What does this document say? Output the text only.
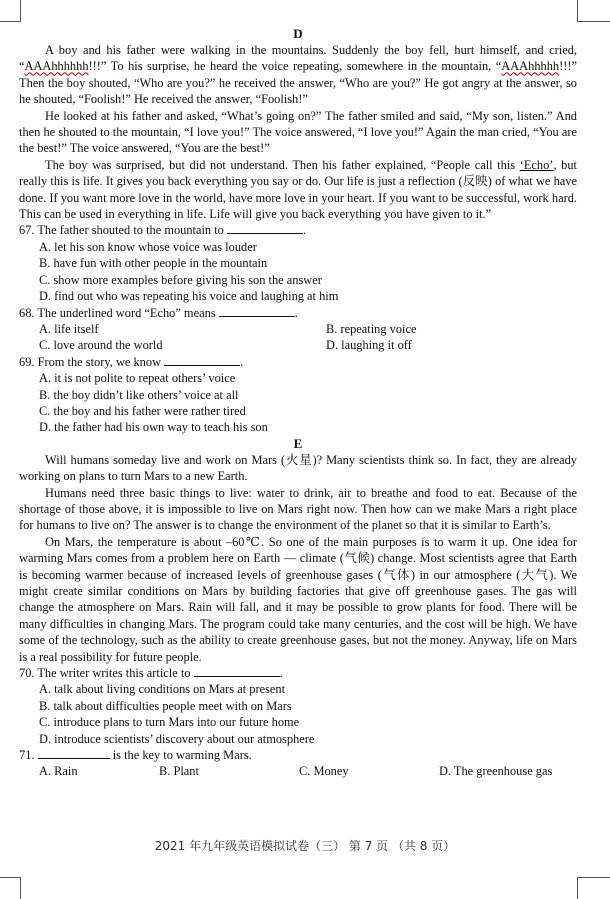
D

A boy and his father were walking in the mountains. Suddenly the boy fell, hurt himself, and cried, “AAAhhhhhh!!!” To his surprise, he heard the voice repeating, somewhere in the mountain, “AAAhhhhh!!!” Then the boy shouted, “Who are you?” he received the answer, “Who are you?” He got angry at the answer, so he shouted, “Foolish!” He received the answer, “Foolish!”

He looked at his father and asked, “What’s going on?” The father smiled and said, “My son, listen.” And then he shouted to the mountain, “I love you!” The voice answered, “I love you!” Again the man cried, “You are the best!” The voice answered, “You are the best!”

The boy was surprised, but did not understand. Then his father explained, “People call this ‘Echo’, but really this is life. It gives you back everything you say or do. Our life is just a reflection (反映) of what we have done. If you want more love in the world, have more love in your heart. If you want to be successful, work hard. This can be used in everything in life. Life will give you back everything you have given to it.”

67. The father shouted to the mountain to	.
A. let his son know whose voice was louder
B. have fun with other people in the mountain
C. show more examples before giving his son the answer
D. find out who was repeating his voice and laughing at him
68. The underlined word “Echo” means	.
A. life itself	B. repeating voice
C. love around the world	D. laughing it off
69. From the story, we know	.
A. it is not polite to repeat others’ voice
B. the boy didn’t like others’ voice at all
C. the boy and his father were rather tired
D. the father had his own way to teach his son
E

Will humans someday live and work on Mars (火星)? Many scientists think so. In fact, they are already working on plans to turn Mars to a new Earth.

Humans need three basic things to live: water to drink, air to breathe and food to eat. Because of the shortage of those above, it is impossible to live on Mars right now. Then how can we make Mars a right place for humans to live on? The answer is to change the environment of the planet so that it is similar to Earth’s.

On Mars, the temperature is about –60℃. So one of the main purposes is to warm it up. One idea for warming Mars comes from a problem here on Earth — climate (气候) change. Most scientists agree that Earth is becoming warmer because of increased levels of greenhouse gases (气体) in our atmosphere (大气). We might create similar conditions on Mars by building factories that give off greenhouse gases. The gas will change the atmosphere on Mars. Rain will fall, and it may be possible to grow plants for food. There will be many difficulties in changing Mars. The program could take many centuries, and the cost will be high. We have some of the technology, such as the ability to create greenhouse gases, but not the money. Anyway, life on Mars is a real possibility for future people.

70. The writer writes this article to	.
A. talk about living conditions on Mars at present
B. talk about difficulties people meet with on Mars
C. introduce plans to turn Mars into our future home
D. introduce scientists’ discovery about our atmosphere
71.	is the key to warming Mars.
A. Rain	B. Plant	C. Money	D. The greenhouse gas
2021 年九年级英语模拟试卷（三） 第 7 页 （共 8 页）
